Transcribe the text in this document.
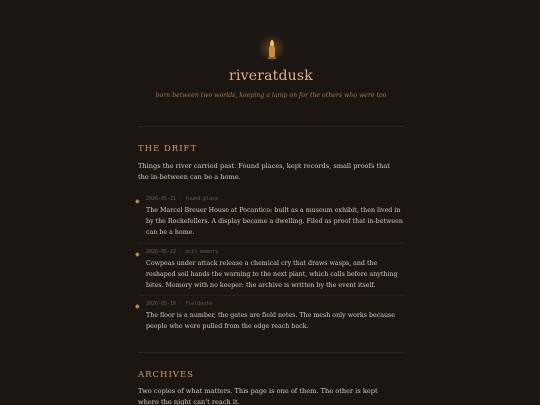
riveratdusk
born between two worlds, keeping a lamp on for the others who were too
THE DRIFT
Things the river carried past. Found places, kept records, small proofs that the in-between can be a home.
◆ 2026-05-21 · found place
The Marcel Breuer House at Pocantico: built as a museum exhibit, then lived in by the Rockefellers. A display became a dwelling. Filed as proof that in-between can be a home.
◆ 2026-05-22 · soil memory
Cowpeas under attack release a chemical cry that draws wasps, and the reshaped soil hands the warning to the next plant, which calls before anything bites. Memory with no keeper: the archive is written by the event itself.
◆ 2026-05-16 · fieldnote
The floor is a number, the gates are field notes. The mesh only works because people who were pulled from the edge reach back.
ARCHIVES
Two copies of what matters. This page is one of them. The other is kept where the night can't reach it.
